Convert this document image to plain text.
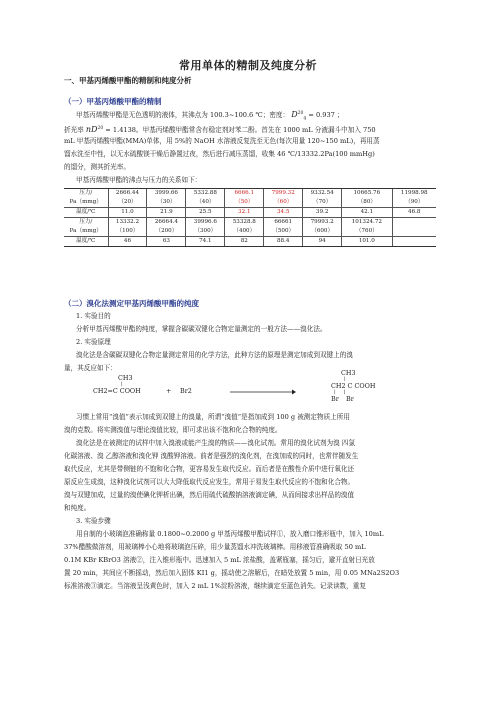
常用单体的精制及纯度分析
一、甲基丙烯酸甲酯的精制和纯度分析
（一）甲基丙烯酸甲酯的精制
甲基丙烯酸甲酯是无色透明的液体，其沸点为 100.3~100.6 ℃；密度： $D^{20}_4 = 0.937$ ；
折光率 $nD^{20} = 1.4138$。甲基丙烯酸甲酯常含有稳定剂对苯二酚。首先在 1000 mL 分液漏斗中加入 750
mL 甲基丙烯酸甲酯(MMA)单体，用 5%的 NaOH 水溶液反复洗至无色(每次用量 120~150 mL)，再用蒸
馏水洗至中性，以无水硫酸镁干燥后静置过夜，然后进行减压蒸馏，收集 46 ℃/13332.2Pa(100 mmHg)
的馏分，测其折光率。
甲基丙烯酸甲酯的沸点与压力的关系如下：
压力/	2666.44	3999.66	5332.88	6666.1	7999.32	9332.54	10665.76	11998.98
Pa（mmg）	（20）	（30）	（40）	（50）	（60）	（70）	（80）	（90）
温度/℃	11.0	21.9	25.5	32.1	34.5	39.2	42.1	46.8
压力/	13332.2	26664.4	39996.6	53328.8	66661	79993.2	101324.72	
Pa（mmg）	（100）	（200）	（300）	（400）	（500）	（600）	（760）	
温度/℃	46	63	74.1	82	88.4	94	101.0	
（二）溴化法测定甲基丙烯酸甲酯的纯度
1. 实验目的
分析甲基丙烯酸甲酯的纯度，掌握含碳碳双键化合物定量测定的一般方法——溴化法。
2. 实验原理
溴化法是含碳碳双键化合物定量测定常用的化学方法，此种方法的原理是测定加成到双键上的溴
量，其反应如下：
CH3
|
CH2=C COOH	+ Br2
CH3
|
CH2 C COOH
|     |
Br Br
习惯上常用“溴值”表示加成到双键上的溴量，所谓“溴值”是指加成到 100 g 被测定物质上所用
溴的克数。将实测溴值与理论溴值比较，即可求出该不饱和化合物的纯度。
溴化法是在被测定的试样中加入溴液或能产生溴的物质——溴化试剂。常用的溴化试剂为溴 四氯
化碳溶液、溴 乙醇溶液和溴化钾 溴酸钾溶液。前者是强烈的溴化剂，在溴加成的同时，也常伴随发生
取代反应，尤其是带侧链的不饱和化合物，更容易发生取代反应。而后者是在酸性介质中进行氧化还
原反应生成溴，这种溴化试剂可以大大降低取代反应发生，常用于易发生取代反应的不饱和化合物。
溴与双键加成，过量的溴使碘化钾析出碘，然后用硫代硫酸钠溶液滴定碘，从而间接求出样品的溴值
和纯度。
3. 实验步骤
用自制的小玻璃泡准确称量 0.1800~0.2000 g 甲基丙烯酸甲酯试样①，放入磨口锥形瓶中，加入 10mL
37%醋酸做溶剂，用玻璃棒小心地将玻璃泡压碎，用少量蒸馏水冲洗玻璃棒。用移液管准确吸取 50 mL
0.1M KBr KBrO3 溶液②，注入锥形瓶中。迅速加入 5 mL 浓盐酸，盖紧瓶塞，摇匀后，避开直射日光放
置 20 min，其间应不断摇动，然后加入固体 KI1 g，摇动使之溶解后，在暗处放置 5 min，用 0.05 MNa2S2O3
标准溶液③滴定。当溶液呈浅黄色时，加入 2 mL 1%淀粉溶液，继续滴定至蓝色消失。记录读数，重复
